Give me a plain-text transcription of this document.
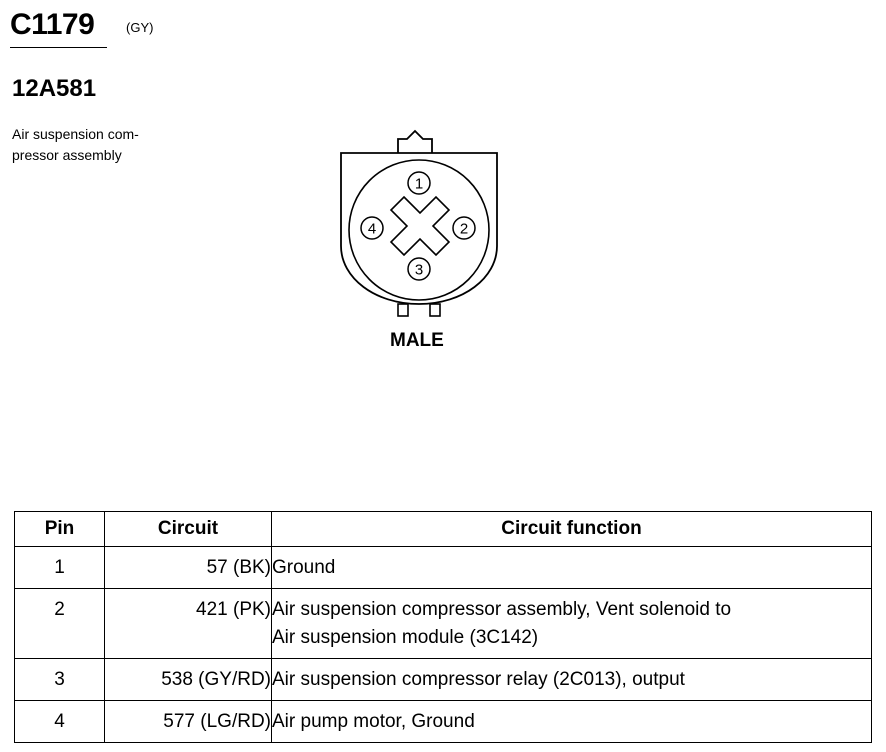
C1179 (GY)
12A581
Air suspension com-
pressor assembly
1
2
3
4
MALE
Pin	Circuit	Circuit function
1	57 (BK)	Ground
2	421 (PK)	Air suspension compressor assembly, Vent solenoid to
Air suspension module (3C142)
3	538 (GY/RD)	Air suspension compressor relay (2C013), output
4	577 (LG/RD)	Air pump motor, Ground
